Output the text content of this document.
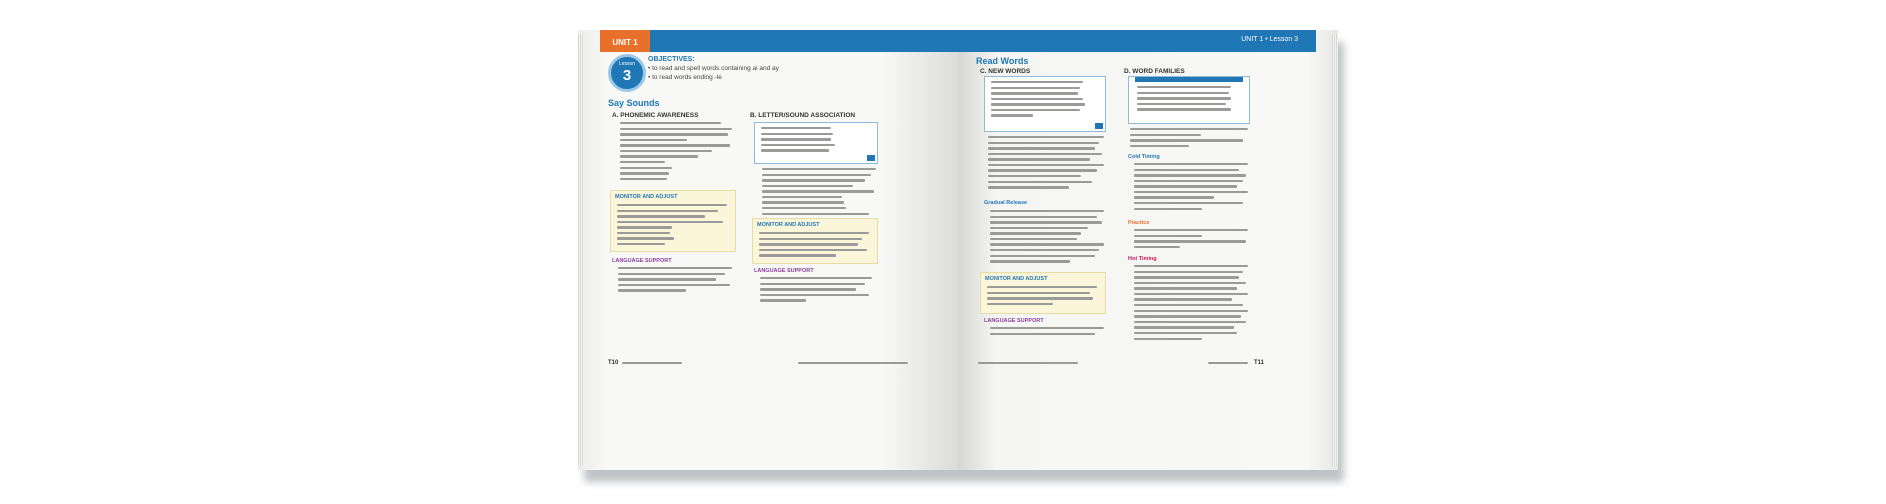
UNIT 1
Lesson
3
OBJECTIVES:
• to read and spell words containing ai and ay
• to read words ending -le
Say Sounds
A. PHONEMIC AWARENESS
MONITOR AND ADJUST
LANGUAGE SUPPORT
B. LETTER/SOUND ASSOCIATION
MONITOR AND ADJUST
LANGUAGE SUPPORT
T10
UNIT 1 • Lesson 3
Read Words
C. NEW WORDS
Gradual Release
MONITOR AND ADJUST
LANGUAGE SUPPORT
D. WORD FAMILIES
Cold Timing
Practice
Hot Timing
T11
